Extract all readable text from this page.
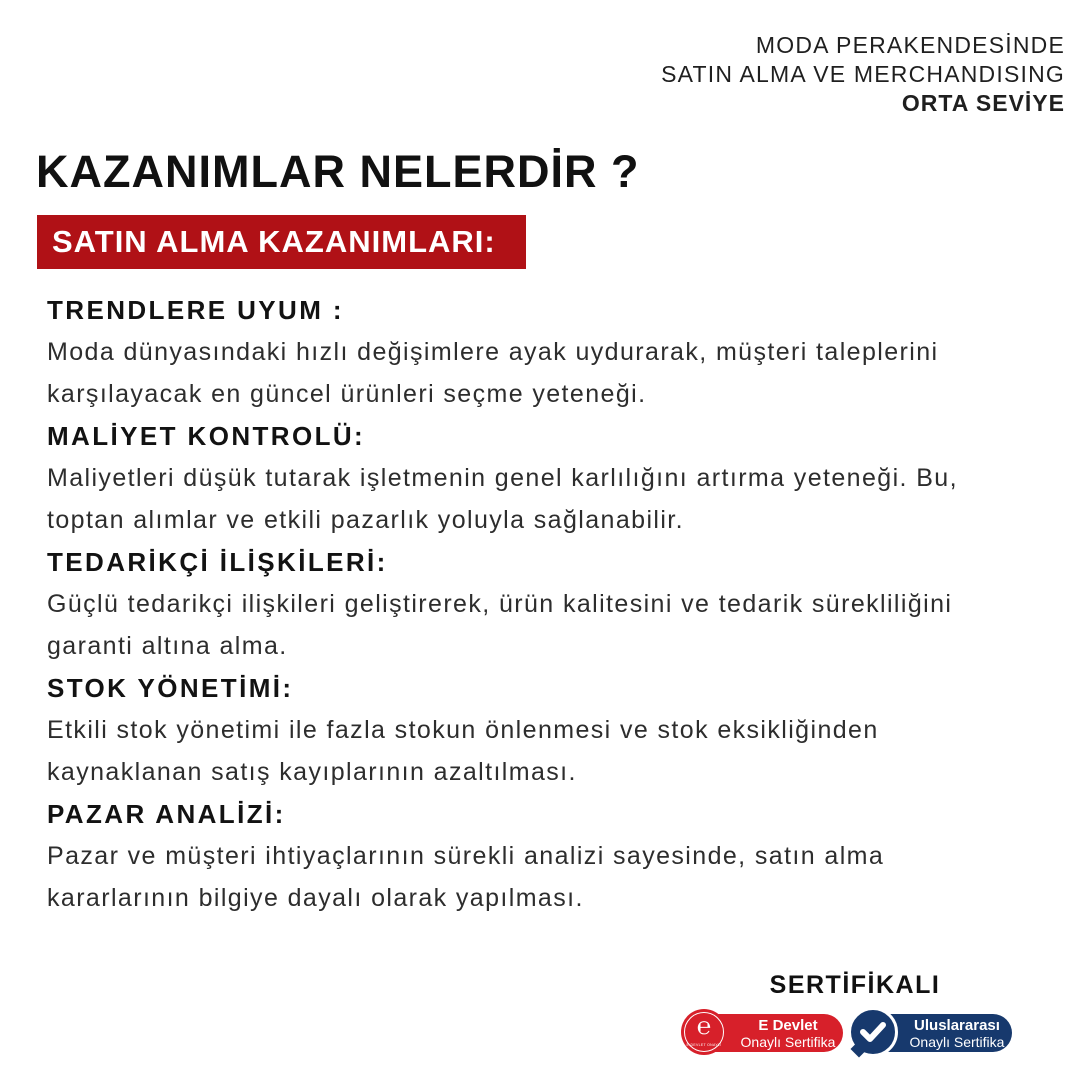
MODA PERAKENDESİNDE
SATIN ALMA VE MERCHANDISING
ORTA SEVİYE
KAZANIMLAR NELERDİR ?
SATIN ALMA KAZANIMLARI:
TRENDLERE UYUM :

Moda dünyasındaki hızlı değişimlere ayak uydurarak, müşteri taleplerini karşılayacak en güncel ürünleri seçme yeteneği.

MALİYET KONTROLÜ:

Maliyetleri düşük tutarak işletmenin genel karlılığını artırma yeteneği. Bu, toptan alımlar ve etkili pazarlık yoluyla sağlanabilir.

TEDARİKÇİ İLİŞKİLERİ:

Güçlü tedarikçi ilişkileri geliştirerek, ürün kalitesini ve tedarik sürekliliğini garanti altına alma.

STOK YÖNETİMİ:

Etkili stok yönetimi ile fazla stokun önlenmesi ve stok eksikliğinden kaynaklanan satış kayıplarının azaltılması.

PAZAR ANALİZİ:

Pazar ve müşteri ihtiyaçlarının sürekli analizi sayesinde, satın alma kararlarının bilgiye dayalı olarak yapılması.

SERTİFİKALI
E Devlet
Onaylı Sertifika
℮
E-DEVLET ONAYLI
Uluslararası
Onaylı Sertifika
